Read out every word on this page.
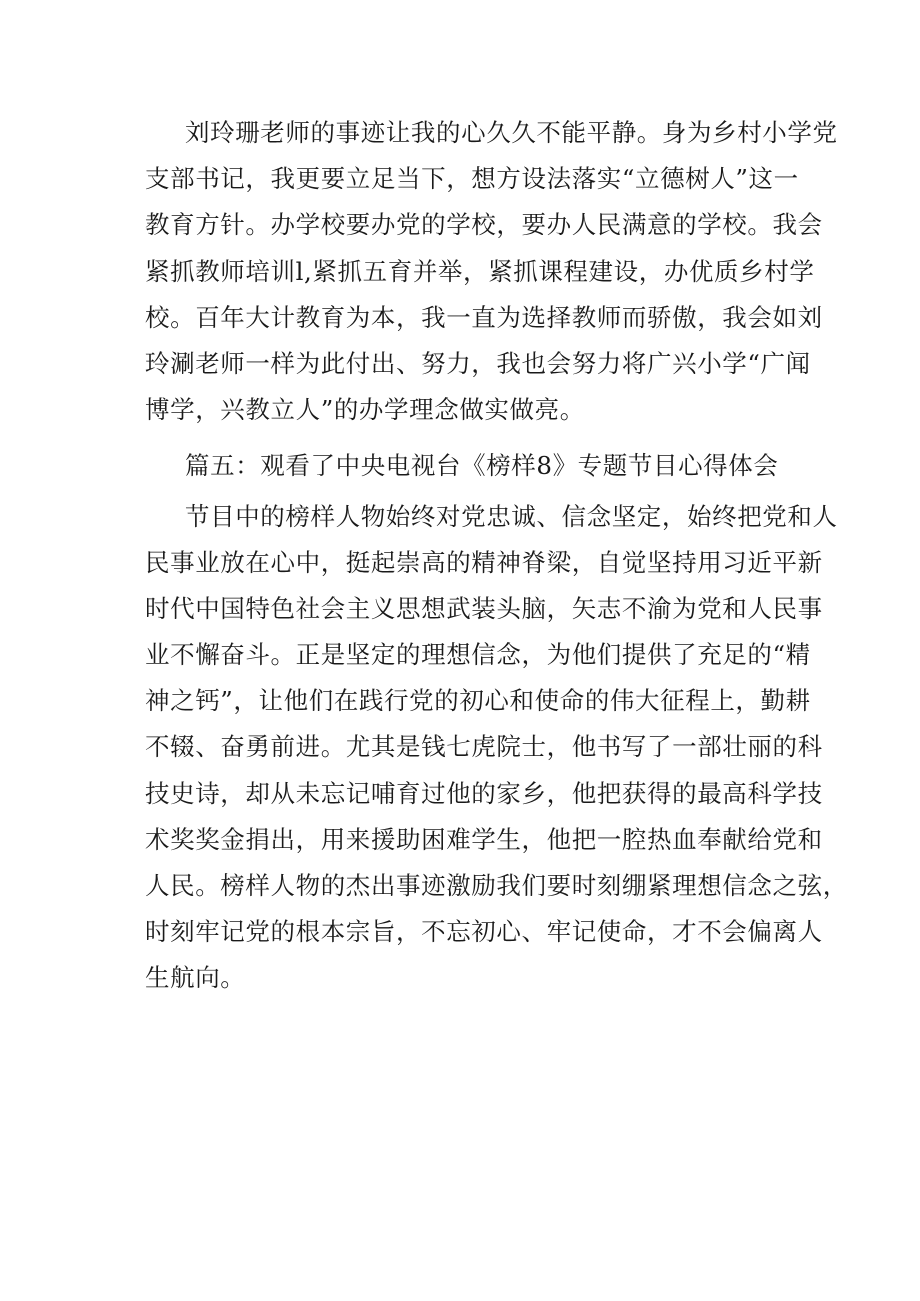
刘玲珊老师的事迹让我的心久久不能平静。身为乡村小学党
支部书记，我更要立足当下，想方设法落实“立德树人”这一
教育方针。办学校要办党的学校，要办人民满意的学校。我会
紧抓教师培训l,紧抓五育并举，紧抓课程建设，办优质乡村学
校。百年大计教育为本，我一直为选择教师而骄傲，我会如刘
玲涮老师一样为此付出、努力，我也会努力将广兴小学“广闻
博学，兴教立人”的办学理念做实做亮。
篇五：观看了中央电视台《榜样8》专题节目心得体会
节目中的榜样人物始终对党忠诚、信念坚定，始终把党和人
民事业放在心中，挺起崇高的精神脊梁，自觉坚持用习近平新
时代中国特色社会主义思想武装头脑，矢志不渝为党和人民事
业不懈奋斗。正是坚定的理想信念，为他们提供了充足的“精
神之钙”，让他们在践行党的初心和使命的伟大征程上，勤耕
不辍、奋勇前进。尤其是钱七虎院士，他书写了一部壮丽的科
技史诗，却从未忘记哺育过他的家乡，他把获得的最高科学技
术奖奖金捐出，用来援助困难学生，他把一腔热血奉献给党和
人民。榜样人物的杰出事迹激励我们要时刻绷紧理想信念之弦，
时刻牢记党的根本宗旨，不忘初心、牢记使命，才不会偏离人
生航向。
